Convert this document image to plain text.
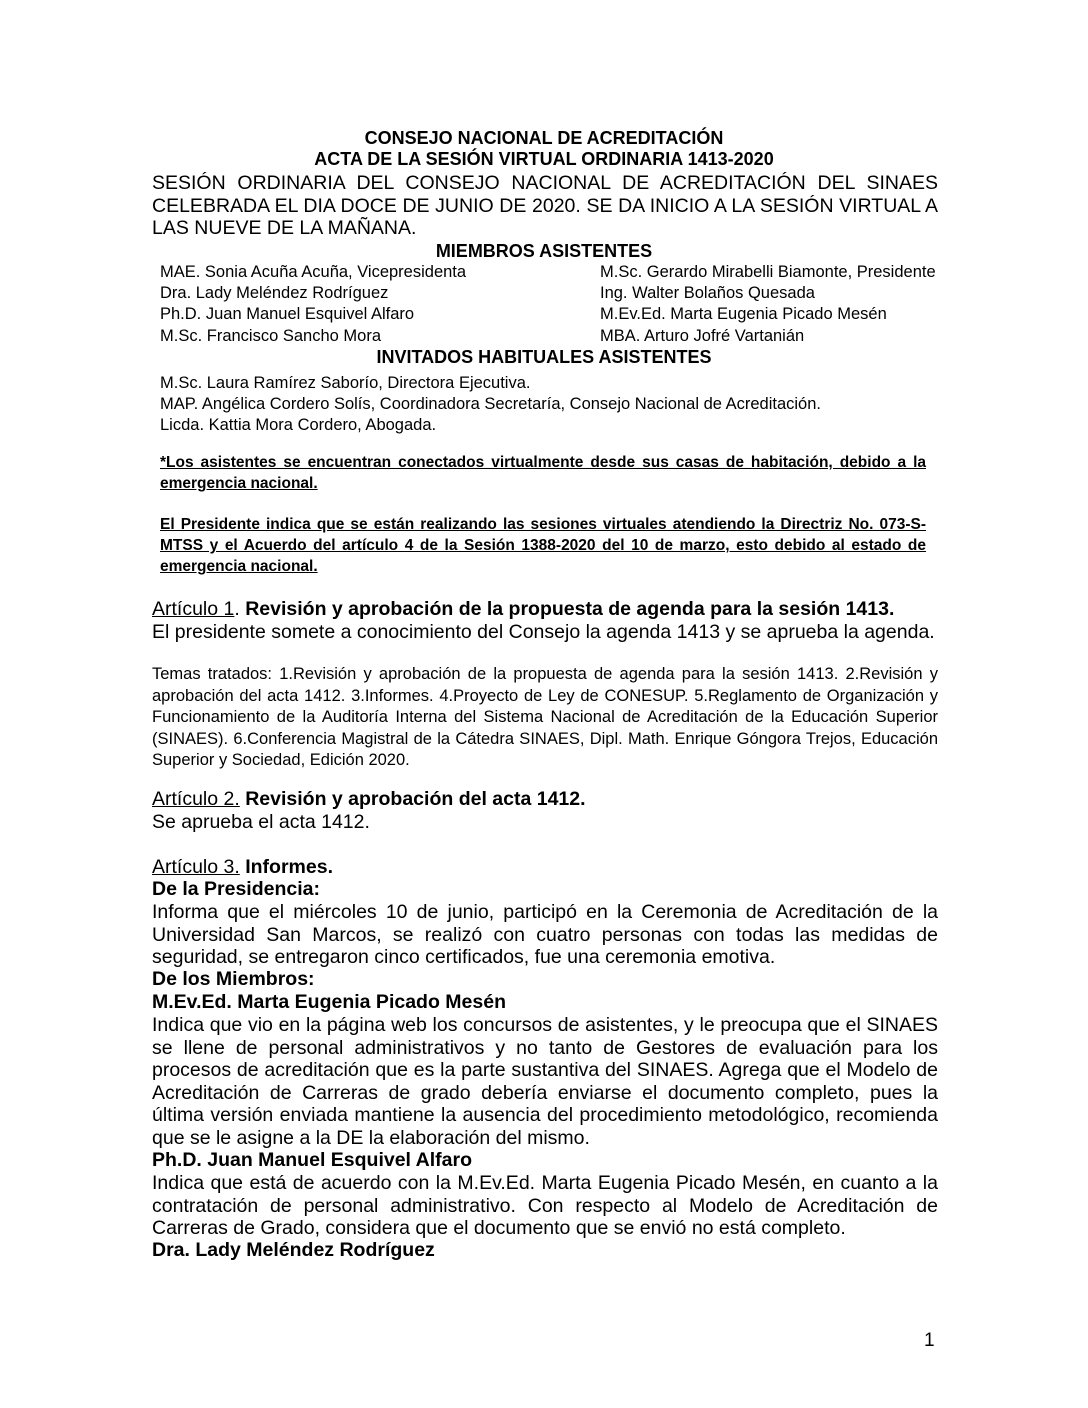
CONSEJO NACIONAL DE ACREDITACIÓN
ACTA DE LA SESIÓN VIRTUAL ORDINARIA 1413-2020
SESIÓN ORDINARIA DEL CONSEJO NACIONAL DE ACREDITACIÓN DEL SINAES CELEBRADA EL DIA DOCE DE JUNIO DE 2020. SE DA INICIO A LA SESIÓN VIRTUAL A LAS NUEVE DE LA MAÑANA.
MIEMBROS ASISTENTES
MAE. Sonia Acuña Acuña, Vicepresidenta	M.Sc. Gerardo Mirabelli Biamonte, Presidente
Dra. Lady Meléndez Rodríguez	Ing. Walter Bolaños Quesada
Ph.D. Juan Manuel Esquivel Alfaro	M.Ev.Ed. Marta Eugenia Picado Mesén
M.Sc. Francisco Sancho Mora	MBA. Arturo Jofré Vartanián
INVITADOS HABITUALES ASISTENTES
M.Sc. Laura Ramírez Saborío, Directora Ejecutiva.
MAP. Angélica Cordero Solís, Coordinadora Secretaría, Consejo Nacional de Acreditación.
Licda. Kattia Mora Cordero, Abogada.
*Los asistentes se encuentran conectados virtualmente desde sus casas de habitación, debido a la emergencia nacional.
El Presidente indica que se están realizando las sesiones virtuales atendiendo la Directriz No. 073-S-MTSS y el Acuerdo del artículo 4 de la Sesión 1388-2020 del 10 de marzo, esto debido al estado de emergencia nacional.
Artículo 1. Revisión y aprobación de la propuesta de agenda para la sesión 1413.
El presidente somete a conocimiento del Consejo la agenda 1413 y se aprueba la agenda.
Temas tratados: 1.Revisión y aprobación de la propuesta de agenda para la sesión 1413. 2.Revisión y aprobación del acta 1412. 3.Informes. 4.Proyecto de Ley de CONESUP. 5.Reglamento de Organización y Funcionamiento de la Auditoría Interna del Sistema Nacional de Acreditación de la Educación Superior (SINAES). 6.Conferencia Magistral de la Cátedra SINAES, Dipl. Math. Enrique Góngora Trejos, Educación Superior y Sociedad, Edición 2020.
Artículo 2. Revisión y aprobación del acta 1412.
Se aprueba el acta 1412.
Artículo 3. Informes.
De la Presidencia:
Informa que el miércoles 10 de junio, participó en la Ceremonia de Acreditación de la Universidad San Marcos, se realizó con cuatro personas con todas las medidas de seguridad, se entregaron cinco certificados, fue una ceremonia emotiva.
De los Miembros:
M.Ev.Ed. Marta Eugenia Picado Mesén
Indica que vio en la página web los concursos de asistentes, y le preocupa que el SINAES se llene de personal administrativos y no tanto de Gestores de evaluación para los procesos de acreditación que es la parte sustantiva del SINAES. Agrega que el Modelo de Acreditación de Carreras de grado debería enviarse el documento completo, pues la última versión enviada mantiene la ausencia del procedimiento metodológico, recomienda que se le asigne a la DE la elaboración del mismo.
Ph.D. Juan Manuel Esquivel Alfaro
Indica que está de acuerdo con la M.Ev.Ed. Marta Eugenia Picado Mesén, en cuanto a la contratación de personal administrativo. Con respecto al Modelo de Acreditación de Carreras de Grado, considera que el documento que se envió no está completo.
Dra. Lady Meléndez Rodríguez
1
